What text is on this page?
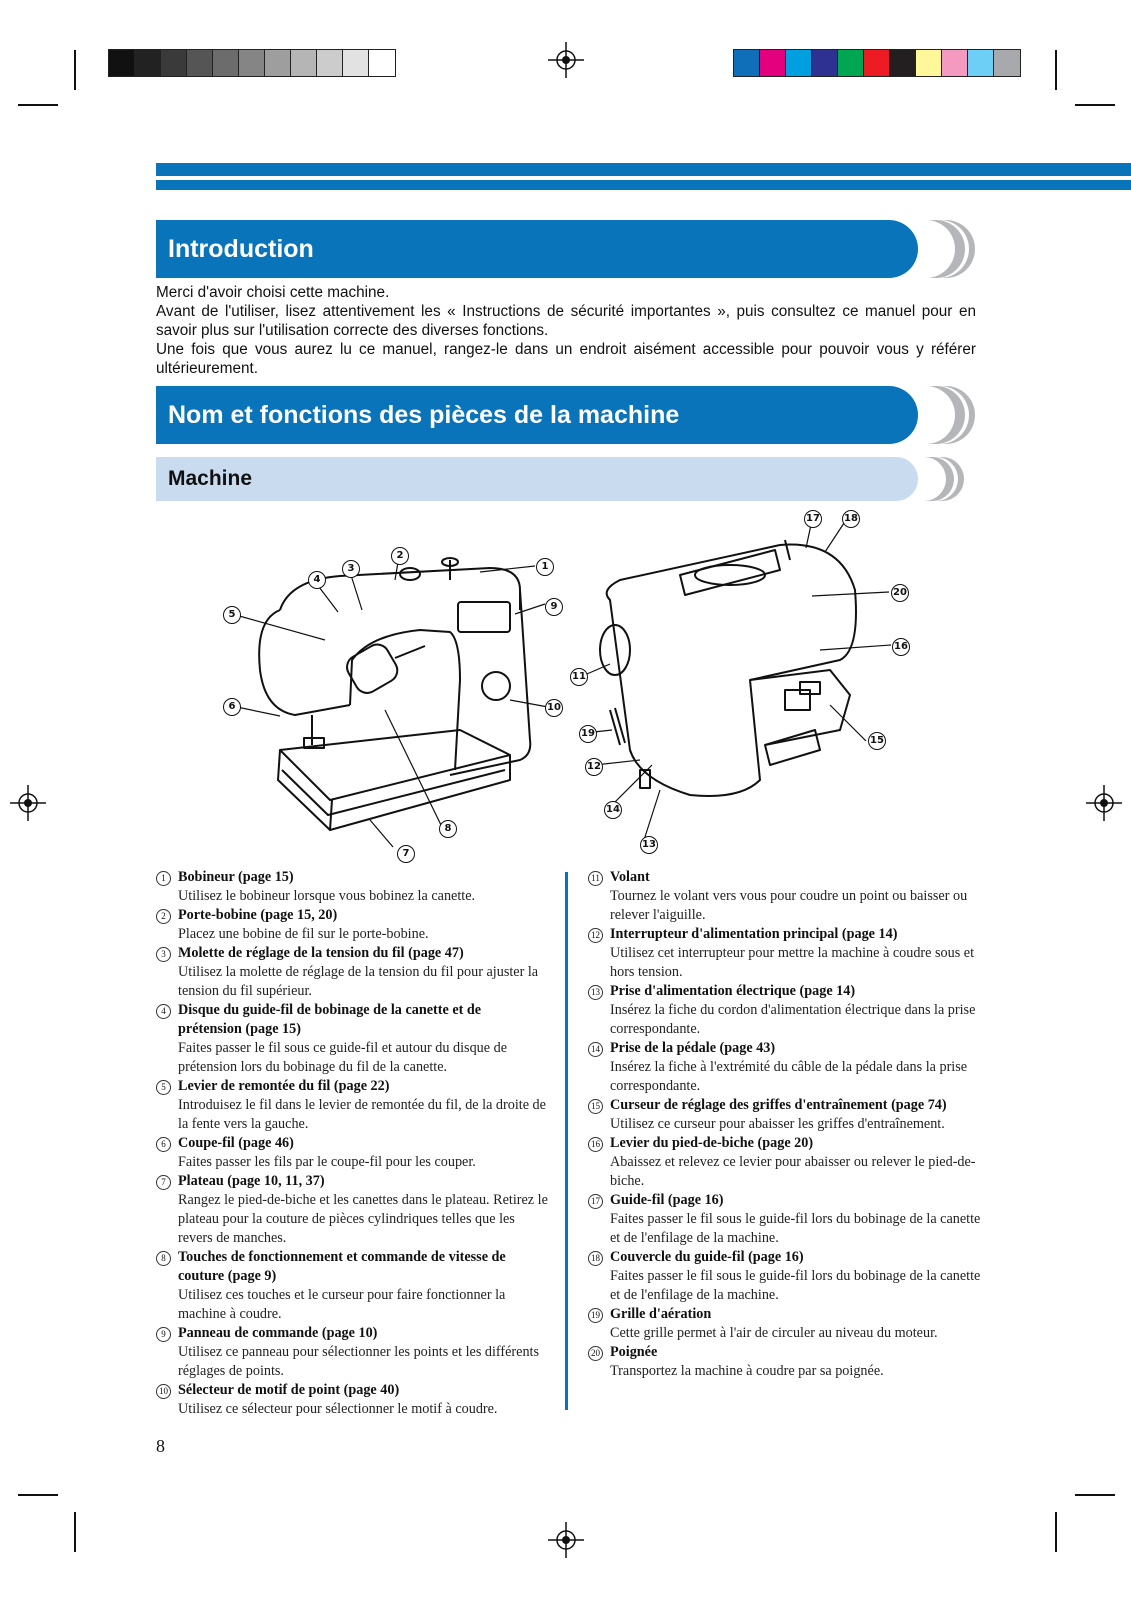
Introduction

Merci d'avoir choisi cette machine.

Avant de l'utiliser, lisez attentivement les « Instructions de sécurité importantes », puis consultez ce manuel pour en savoir plus sur l'utilisation correcte des diverses fonctions.

Une fois que vous aurez lu ce manuel, rangez-le dans un endroit aisément accessible pour pouvoir vous y référer ultérieurement.

Nom et fonctions des pièces de la machine
Machine
1
2
3
4
5
6
7
8
9
10
11
12
13
14
15
16
17 18
19
20
1 Bobineur (page 15)
Utilisez le bobineur lorsque vous bobinez la canette.
2 Porte-bobine (page 15, 20)
Placez une bobine de fil sur le porte-bobine.
3 Molette de réglage de la tension du fil (page 47)
Utilisez la molette de réglage de la tension du fil pour ajuster la tension du fil supérieur.
4 Disque du guide-fil de bobinage de la canette et de prétension (page 15)
Faites passer le fil sous ce guide-fil et autour du disque de prétension lors du bobinage du fil de la canette.
5 Levier de remontée du fil (page 22)
Introduisez le fil dans le levier de remontée du fil, de la droite de la fente vers la gauche.
6 Coupe-fil (page 46)
Faites passer les fils par le coupe-fil pour les couper.
7 Plateau (page 10, 11, 37)
Rangez le pied-de-biche et les canettes dans le plateau. Retirez le plateau pour la couture de pièces cylindriques telles que les revers de manches.
8 Touches de fonctionnement et commande de vitesse de couture (page 9)
Utilisez ces touches et le curseur pour faire fonctionner la machine à coudre.
9 Panneau de commande (page 10)
Utilisez ce panneau pour sélectionner les points et les différents réglages de points.
10 Sélecteur de motif de point (page 40)
Utilisez ce sélecteur pour sélectionner le motif à coudre.
11 Volant
Tournez le volant vers vous pour coudre un point ou baisser ou relever l'aiguille.
12 Interrupteur d'alimentation principal (page 14)
Utilisez cet interrupteur pour mettre la machine à coudre sous et hors tension.
13 Prise d'alimentation électrique (page 14)
Insérez la fiche du cordon d'alimentation électrique dans la prise correspondante.
14 Prise de la pédale (page 43)
Insérez la fiche à l'extrémité du câble de la pédale dans la prise correspondante.
15 Curseur de réglage des griffes d'entraînement (page 74)
Utilisez ce curseur pour abaisser les griffes d'entraînement.
16 Levier du pied-de-biche (page 20)
Abaissez et relevez ce levier pour abaisser ou relever le pied-de-biche.
17 Guide-fil (page 16)
Faites passer le fil sous le guide-fil lors du bobinage de la canette et de l'enfilage de la machine.
18 Couvercle du guide-fil (page 16)
Faites passer le fil sous le guide-fil lors du bobinage de la canette et de l'enfilage de la machine.
19 Grille d'aération
Cette grille permet à l'air de circuler au niveau du moteur.
20 Poignée
Transportez la machine à coudre par sa poignée.
8
